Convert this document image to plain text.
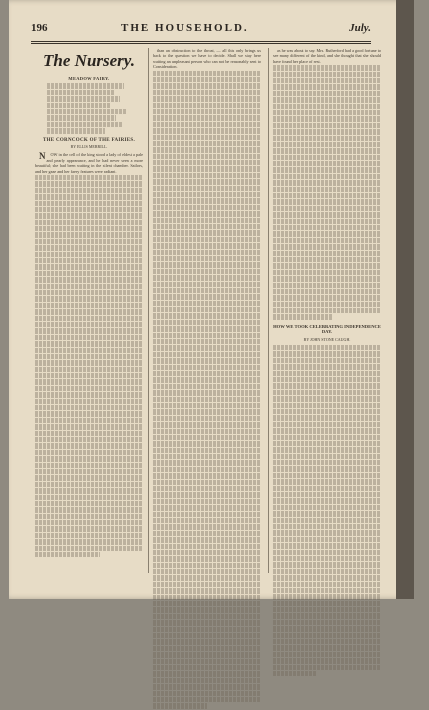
196	THE HOUSEHOLD.	July.
The Nursery.
MEADOW FAIRY.
THE CORNCOCK OF THE FAIRIES.
BY ELLIS MERRILL.

N OW in the cell of the king stood a lady of eldest a pale and pearly appearance, and he had never seen a more beautiful; she had been waiting in the silent chamber. Sailors, and her gaze and her faery features were radiant.

than an obstruction to the throat, — all this only brings us back to the question we have to decide. Shall we stay here waiting an unpleasant person who can not be reasonably sent to Consideration.

as he was about to say. Mrs. Rutherford had a good fortune to see many different of the kind, and she thought that she should have found her place of rest.

HOW WE TOOK CELEBRATING INDEPENDENCE DAY.
BY JOHN STONE CAUGH.
